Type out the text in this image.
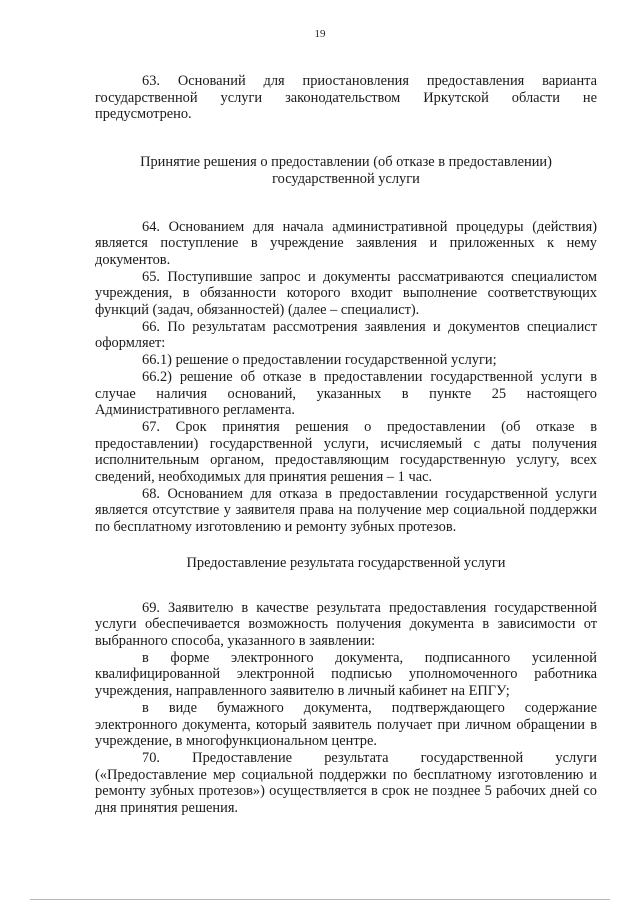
19

63. Оснований для приостановления предоставления варианта государственной услуги законодательством Иркутской области не предусмотрено.

Принятие решения о предоставлении (об отказе в предоставлении)
государственной услуги

64. Основанием для начала административной процедуры (действия) является поступление в учреждение заявления и приложенных к нему документов.

65. Поступившие запрос и документы рассматриваются специалистом учреждения, в обязанности которого входит выполнение соответствующих функций (задач, обязанностей) (далее – специалист).

66. По результатам рассмотрения заявления и документов специалист оформляет:

66.1) решение о предоставлении государственной услуги;

66.2) решение об отказе в предоставлении государственной услуги в случае наличия оснований, указанных в пункте 25 настоящего Административного регламента.

67. Срок принятия решения о предоставлении (об отказе в предоставлении) государственной услуги, исчисляемый с даты получения исполнительным органом, предоставляющим государственную услугу, всех сведений, необходимых для принятия решения – 1 час.

68. Основанием для отказа в предоставлении государственной услуги является отсутствие у заявителя права на получение мер социальной поддержки по бесплатному изготовлению и ремонту зубных протезов.

Предоставление результата государственной услуги

69. Заявителю в качестве результата предоставления государственной услуги обеспечивается возможность получения документа в зависимости от выбранного способа, указанного в заявлении:

в форме электронного документа, подписанного усиленной квалифицированной электронной подписью уполномоченного работника учреждения, направленного заявителю в личный кабинет на ЕПГУ;

в виде бумажного документа, подтверждающего содержание электронного документа, который заявитель получает при личном обращении в учреждение, в многофункциональном центре.

70. Предоставление результата государственной услуги («Предоставление мер социальной поддержки по бесплатному изготовлению и ремонту зубных протезов») осуществляется в срок не позднее 5 рабочих дней со дня принятия решения.
